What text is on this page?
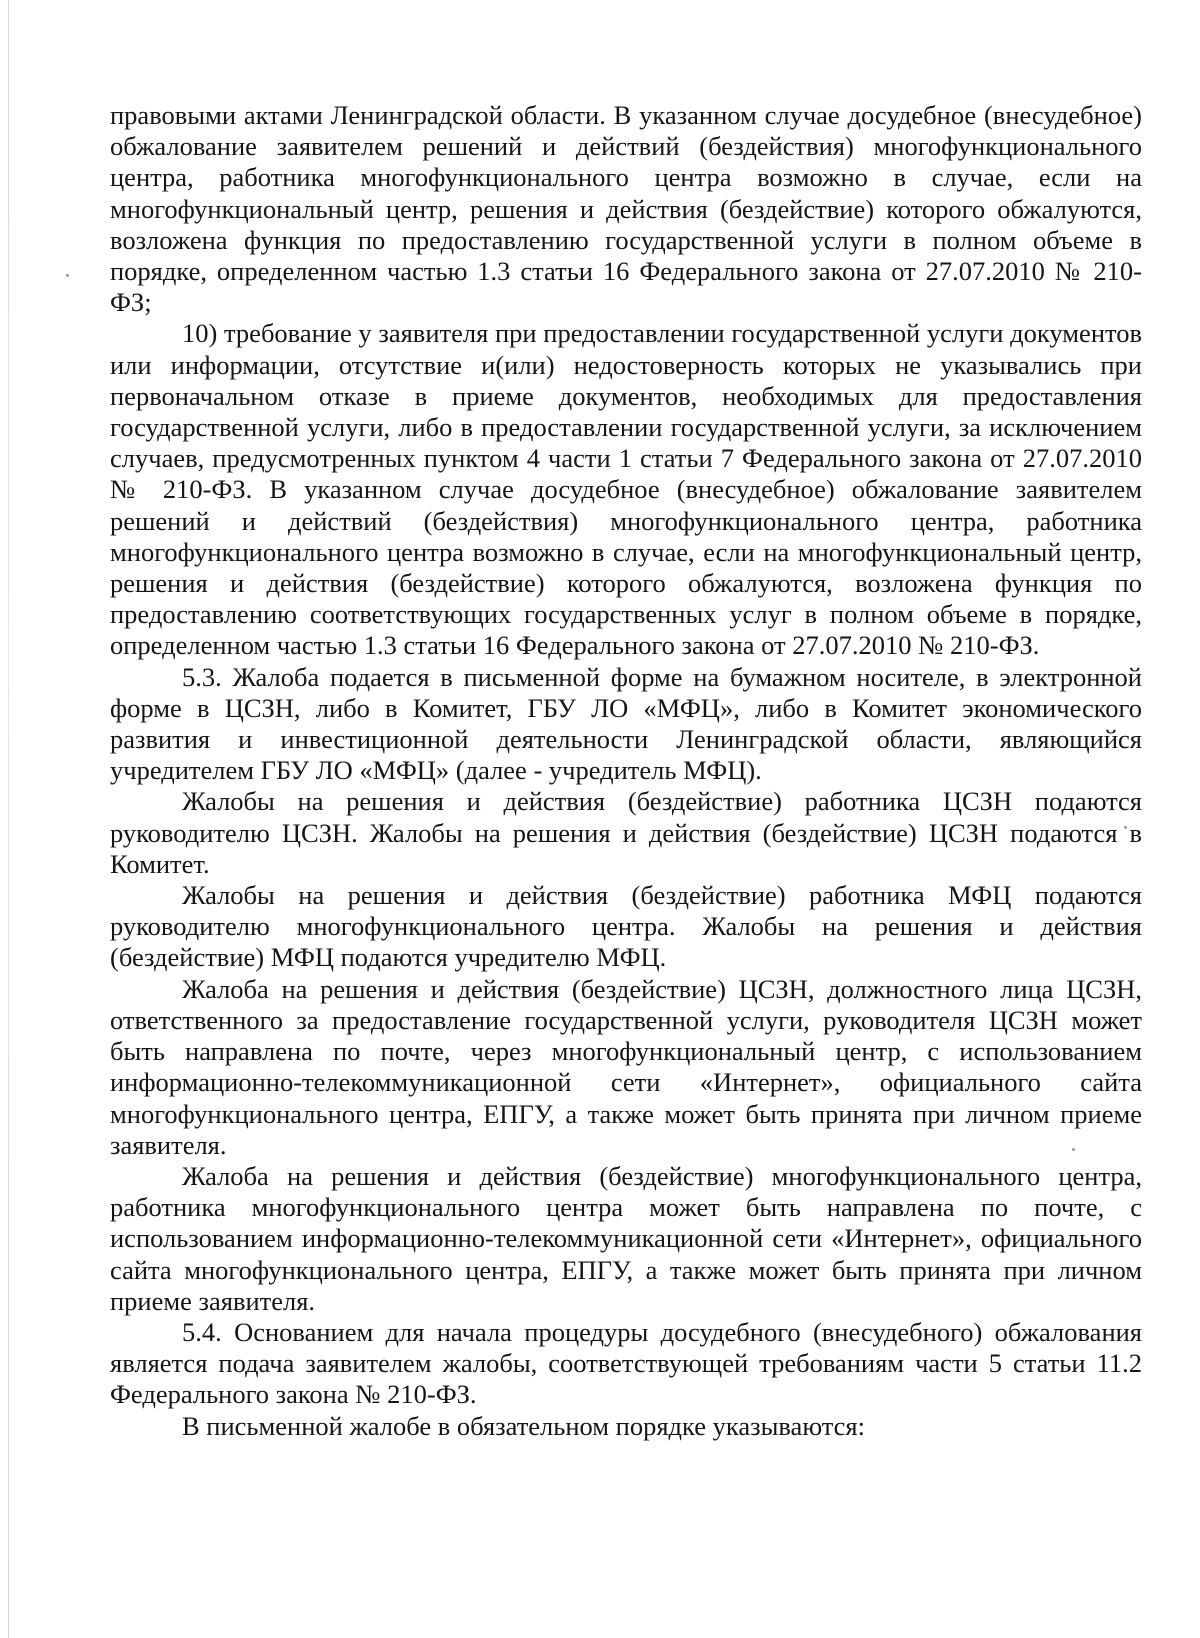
правовыми актами Ленинградской области. В указанном случае досудебное (внесудебное) обжалование заявителем решений и действий (бездействия) многофункционального центра, работника многофункционального центра возможно в случае, если на многофункциональный центр, решения и действия (бездействие) которого обжалуются, возложена функция по предоставлению государственной услуги в полном объеме в порядке, определенном частью 1.3 статьи 16 Федерального закона от 27.07.2010 № 210-ФЗ;

10) требование у заявителя при предоставлении государственной услуги документов или информации, отсутствие и(или) недостоверность которых не указывались при первоначальном отказе в приеме документов, необходимых для предоставления государственной услуги, либо в предоставлении государственной услуги, за исключением случаев, предусмотренных пунктом 4 части 1 статьи 7 Федерального закона от 27.07.2010 № 210-ФЗ. В указанном случае досудебное (внесудебное) обжалование заявителем решений и действий (бездействия) многофункционального центра, работника многофункционального центра возможно в случае, если на многофункциональный центр, решения и действия (бездействие) которого обжалуются, возложена функция по предоставлению соответствующих государственных услуг в полном объеме в порядке, определенном частью 1.3 статьи 16 Федерального закона от 27.07.2010 № 210-ФЗ.

5.3. Жалоба подается в письменной форме на бумажном носителе, в электронной форме в ЦСЗН, либо в Комитет, ГБУ ЛО «МФЦ», либо в Комитет экономического развития и инвестиционной деятельности Ленинградской области, являющийся учредителем ГБУ ЛО «МФЦ» (далее - учредитель МФЦ).

Жалобы на решения и действия (бездействие) работника ЦСЗН подаются руководителю ЦСЗН. Жалобы на решения и действия (бездействие) ЦСЗН подаются в Комитет.

Жалобы на решения и действия (бездействие) работника МФЦ подаются руководителю многофункционального центра. Жалобы на решения и действия (бездействие) МФЦ подаются учредителю МФЦ.

Жалоба на решения и действия (бездействие) ЦСЗН, должностного лица ЦСЗН, ответственного за предоставление государственной услуги, руководителя ЦСЗН может быть направлена по почте, через многофункциональный центр, с использованием информационно-телекоммуникационной сети «Интернет», официального сайта многофункционального центра, ЕПГУ, а также может быть принята при личном приеме заявителя.

Жалоба на решения и действия (бездействие) многофункционального центра, работника многофункционального центра может быть направлена по почте, с использованием информационно-телекоммуникационной сети «Интернет», официального сайта многофункционального центра, ЕПГУ, а также может быть принята при личном приеме заявителя.

5.4. Основанием для начала процедуры досудебного (внесудебного) обжалования является подача заявителем жалобы, соответствующей требованиям части 5 статьи 11.2 Федерального закона № 210-ФЗ.

В письменной жалобе в обязательном порядке указываются:
